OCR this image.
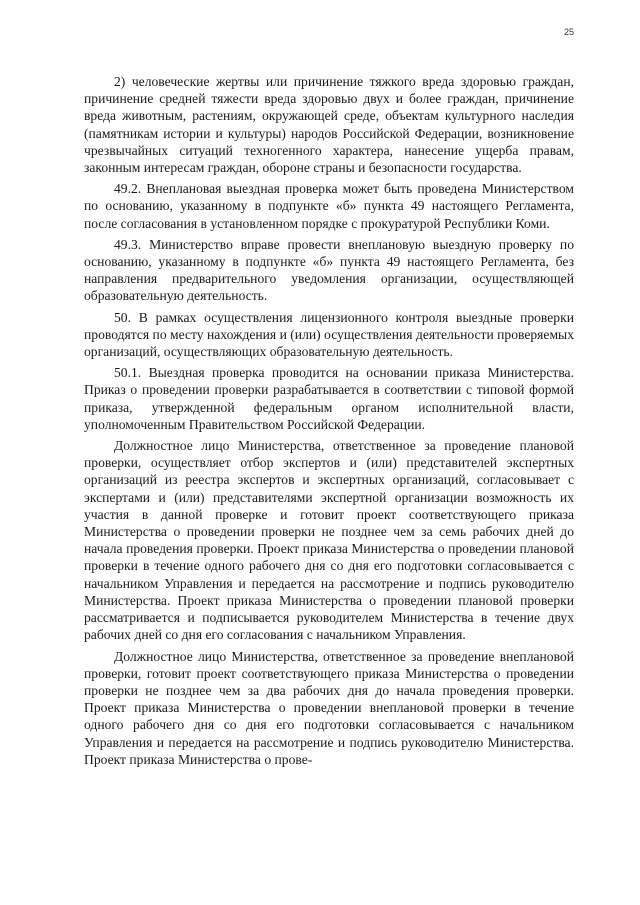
25

2) человеческие жертвы или причинение тяжкого вреда здоровью граждан, причинение средней тяжести вреда здоровью двух и более граждан, причинение вреда животным, растениям, окружающей среде, объектам культурного наследия (памятникам истории и культуры) народов Российской Федерации, возникновение чрезвычайных ситуаций техногенного характера, нанесение ущерба правам, законным интересам граждан, обороне страны и безопасности государства.

49.2. Внеплановая выездная проверка может быть проведена Министерством по основанию, указанному в подпункте «б» пункта 49 настоящего Регламента, после согласования в установленном порядке с прокуратурой Республики Коми.

49.3. Министерство вправе провести внеплановую выездную проверку по основанию, указанному в подпункте «б» пункта 49 настоящего Регламента, без направления предварительного уведомления организации, осуществляющей образовательную деятельность.

50. В рамках осуществления лицензионного контроля выездные проверки проводятся по месту нахождения и (или) осуществления деятельности проверяемых организаций, осуществляющих образовательную деятельность.

50.1. Выездная проверка проводится на основании приказа Министерства. Приказ о проведении проверки разрабатывается в соответствии с типовой формой приказа, утвержденной федеральным органом исполнительной власти, уполномоченным Правительством Российской Федерации.

Должностное лицо Министерства, ответственное за проведение плановой проверки, осуществляет отбор экспертов и (или) представителей экспертных организаций из реестра экспертов и экспертных организаций, согласовывает с экспертами и (или) представителями экспертной организации возможность их участия в данной проверке и готовит проект соответствующего приказа Министерства о проведении проверки не позднее чем за семь рабочих дней до начала проведения проверки. Проект приказа Министерства о проведении плановой проверки в течение одного рабочего дня со дня его подготовки согласовывается с начальником Управления и передается на рассмотрение и подпись руководителю Министерства. Проект приказа Министерства о проведении плановой проверки рассматривается и подписывается руководителем Министерства в течение двух рабочих дней со дня его согласования с начальником Управления.

Должностное лицо Министерства, ответственное за проведение внеплановой проверки, готовит проект соответствующего приказа Министерства о проведении проверки не позднее чем за два рабочих дня до начала проведения проверки. Проект приказа Министерства о проведении внеплановой проверки в течение одного рабочего дня со дня его подготовки согласовывается с начальником Управления и передается на рассмотрение и подпись руководителю Министерства. Проект приказа Министерства о прове-
